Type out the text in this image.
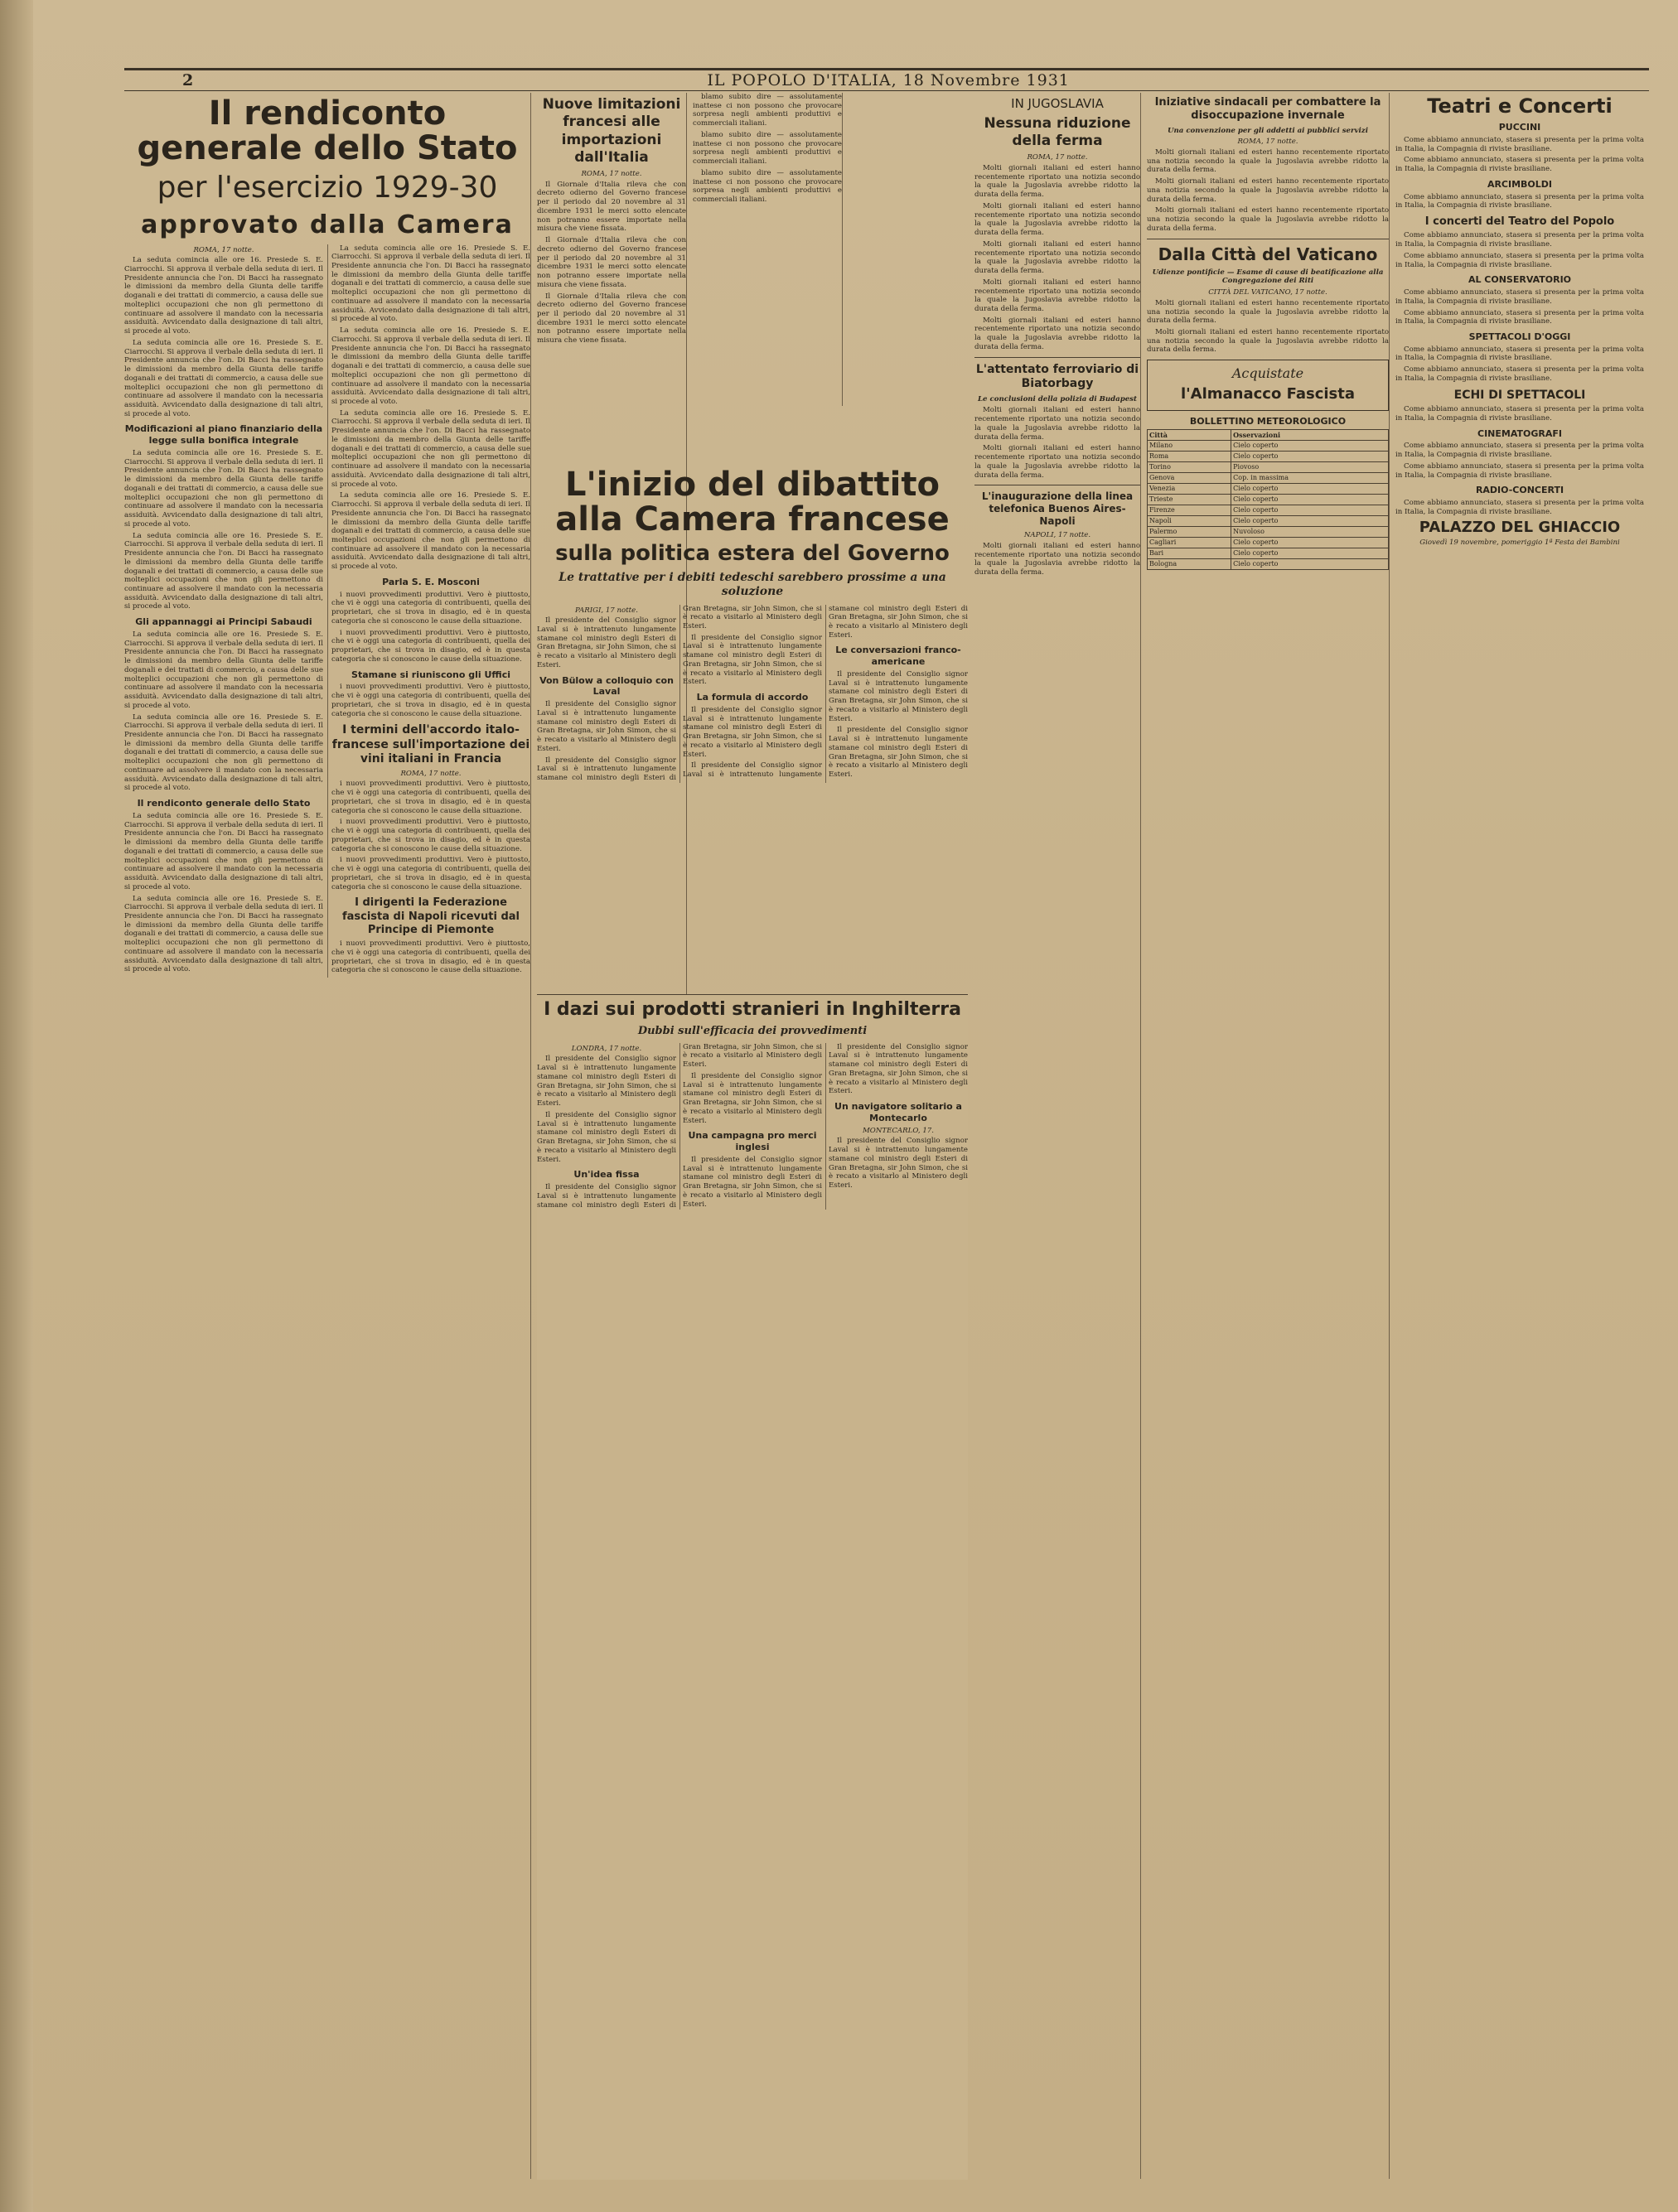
2	IL POPOLO D'ITALIA, 18 Novembre 1931
Il rendiconto generale dello Stato
per l'esercizio 1929-30
approvato dalla Camera
ROMA, 17 notte.

La seduta comincia alle ore 16. Presiede S. E. Ciarrocchi. Si approva il verbale della seduta di ieri. Il Presidente annuncia che l'on. Di Bacci ha rassegnato le dimissioni da membro della Giunta delle tariffe doganali e dei trattati di commercio, a causa delle sue molteplici occupazioni che non gli permettono di continuare ad assolvere il mandato con la necessaria assiduità. Avvicendato dalla designazione di tali altri, si procede al voto.

La seduta comincia alle ore 16. Presiede S. E. Ciarrocchi. Si approva il verbale della seduta di ieri. Il Presidente annuncia che l'on. Di Bacci ha rassegnato le dimissioni da membro della Giunta delle tariffe doganali e dei trattati di commercio, a causa delle sue molteplici occupazioni che non gli permettono di continuare ad assolvere il mandato con la necessaria assiduità. Avvicendato dalla designazione di tali altri, si procede al voto.

Modificazioni al piano finanziario della legge sulla bonifica integrale

La seduta comincia alle ore 16. Presiede S. E. Ciarrocchi. Si approva il verbale della seduta di ieri. Il Presidente annuncia che l'on. Di Bacci ha rassegnato le dimissioni da membro della Giunta delle tariffe doganali e dei trattati di commercio, a causa delle sue molteplici occupazioni che non gli permettono di continuare ad assolvere il mandato con la necessaria assiduità. Avvicendato dalla designazione di tali altri, si procede al voto.

La seduta comincia alle ore 16. Presiede S. E. Ciarrocchi. Si approva il verbale della seduta di ieri. Il Presidente annuncia che l'on. Di Bacci ha rassegnato le dimissioni da membro della Giunta delle tariffe doganali e dei trattati di commercio, a causa delle sue molteplici occupazioni che non gli permettono di continuare ad assolvere il mandato con la necessaria assiduità. Avvicendato dalla designazione di tali altri, si procede al voto.

Gli appannaggi ai Principi Sabaudi

La seduta comincia alle ore 16. Presiede S. E. Ciarrocchi. Si approva il verbale della seduta di ieri. Il Presidente annuncia che l'on. Di Bacci ha rassegnato le dimissioni da membro della Giunta delle tariffe doganali e dei trattati di commercio, a causa delle sue molteplici occupazioni che non gli permettono di continuare ad assolvere il mandato con la necessaria assiduità. Avvicendato dalla designazione di tali altri, si procede al voto.

La seduta comincia alle ore 16. Presiede S. E. Ciarrocchi. Si approva il verbale della seduta di ieri. Il Presidente annuncia che l'on. Di Bacci ha rassegnato le dimissioni da membro della Giunta delle tariffe doganali e dei trattati di commercio, a causa delle sue molteplici occupazioni che non gli permettono di continuare ad assolvere il mandato con la necessaria assiduità. Avvicendato dalla designazione di tali altri, si procede al voto.

Il rendiconto generale dello Stato

La seduta comincia alle ore 16. Presiede S. E. Ciarrocchi. Si approva il verbale della seduta di ieri. Il Presidente annuncia che l'on. Di Bacci ha rassegnato le dimissioni da membro della Giunta delle tariffe doganali e dei trattati di commercio, a causa delle sue molteplici occupazioni che non gli permettono di continuare ad assolvere il mandato con la necessaria assiduità. Avvicendato dalla designazione di tali altri, si procede al voto.

La seduta comincia alle ore 16. Presiede S. E. Ciarrocchi. Si approva il verbale della seduta di ieri. Il Presidente annuncia che l'on. Di Bacci ha rassegnato le dimissioni da membro della Giunta delle tariffe doganali e dei trattati di commercio, a causa delle sue molteplici occupazioni che non gli permettono di continuare ad assolvere il mandato con la necessaria assiduità. Avvicendato dalla designazione di tali altri, si procede al voto.

La seduta comincia alle ore 16. Presiede S. E. Ciarrocchi. Si approva il verbale della seduta di ieri. Il Presidente annuncia che l'on. Di Bacci ha rassegnato le dimissioni da membro della Giunta delle tariffe doganali e dei trattati di commercio, a causa delle sue molteplici occupazioni che non gli permettono di continuare ad assolvere il mandato con la necessaria assiduità. Avvicendato dalla designazione di tali altri, si procede al voto.

La seduta comincia alle ore 16. Presiede S. E. Ciarrocchi. Si approva il verbale della seduta di ieri. Il Presidente annuncia che l'on. Di Bacci ha rassegnato le dimissioni da membro della Giunta delle tariffe doganali e dei trattati di commercio, a causa delle sue molteplici occupazioni che non gli permettono di continuare ad assolvere il mandato con la necessaria assiduità. Avvicendato dalla designazione di tali altri, si procede al voto.

La seduta comincia alle ore 16. Presiede S. E. Ciarrocchi. Si approva il verbale della seduta di ieri. Il Presidente annuncia che l'on. Di Bacci ha rassegnato le dimissioni da membro della Giunta delle tariffe doganali e dei trattati di commercio, a causa delle sue molteplici occupazioni che non gli permettono di continuare ad assolvere il mandato con la necessaria assiduità. Avvicendato dalla designazione di tali altri, si procede al voto.

La seduta comincia alle ore 16. Presiede S. E. Ciarrocchi. Si approva il verbale della seduta di ieri. Il Presidente annuncia che l'on. Di Bacci ha rassegnato le dimissioni da membro della Giunta delle tariffe doganali e dei trattati di commercio, a causa delle sue molteplici occupazioni che non gli permettono di continuare ad assolvere il mandato con la necessaria assiduità. Avvicendato dalla designazione di tali altri, si procede al voto.

Parla S. E. Mosconi

i nuovi provvedimenti produttivi. Vero è piuttosto, che vi è oggi una categoria di contribuenti, quella dei proprietari, che si trova in disagio, ed è in questa categoria che si conoscono le cause della situazione.

i nuovi provvedimenti produttivi. Vero è piuttosto, che vi è oggi una categoria di contribuenti, quella dei proprietari, che si trova in disagio, ed è in questa categoria che si conoscono le cause della situazione.

Stamane si riuniscono gli Uffici

i nuovi provvedimenti produttivi. Vero è piuttosto, che vi è oggi una categoria di contribuenti, quella dei proprietari, che si trova in disagio, ed è in questa categoria che si conoscono le cause della situazione.

I termini dell'accordo italo-francese sull'importazione dei vini italiani in Francia
ROMA, 17 notte.

i nuovi provvedimenti produttivi. Vero è piuttosto, che vi è oggi una categoria di contribuenti, quella dei proprietari, che si trova in disagio, ed è in questa categoria che si conoscono le cause della situazione.

i nuovi provvedimenti produttivi. Vero è piuttosto, che vi è oggi una categoria di contribuenti, quella dei proprietari, che si trova in disagio, ed è in questa categoria che si conoscono le cause della situazione.

i nuovi provvedimenti produttivi. Vero è piuttosto, che vi è oggi una categoria di contribuenti, quella dei proprietari, che si trova in disagio, ed è in questa categoria che si conoscono le cause della situazione.

I dirigenti la Federazione fascista di Napoli ricevuti dal Principe di Piemonte

i nuovi provvedimenti produttivi. Vero è piuttosto, che vi è oggi una categoria di contribuenti, quella dei proprietari, che si trova in disagio, ed è in questa categoria che si conoscono le cause della situazione.

Nuove limitazioni francesi alle importazioni dall'Italia
ROMA, 17 notte.

Il Giornale d'Italia rileva che con decreto odierno del Governo francese per il periodo dal 20 novembre al 31 dicembre 1931 le merci sotto elencate non potranno essere importate nella misura che viene fissata.

Il Giornale d'Italia rileva che con decreto odierno del Governo francese per il periodo dal 20 novembre al 31 dicembre 1931 le merci sotto elencate non potranno essere importate nella misura che viene fissata.

Il Giornale d'Italia rileva che con decreto odierno del Governo francese per il periodo dal 20 novembre al 31 dicembre 1931 le merci sotto elencate non potranno essere importate nella misura che viene fissata.

blamo subito dire — assolutamente inattese ci non possono che provocare sorpresa negli ambienti produttivi e commerciali italiani.

blamo subito dire — assolutamente inattese ci non possono che provocare sorpresa negli ambienti produttivi e commerciali italiani.

blamo subito dire — assolutamente inattese ci non possono che provocare sorpresa negli ambienti produttivi e commerciali italiani.

L'inizio del dibattito alla Camera francese
sulla politica estera del Governo
Le trattative per i debiti tedeschi sarebbero prossime a una soluzione
PARIGI, 17 notte.

Il presidente del Consiglio signor Laval si è intrattenuto lungamente stamane col ministro degli Esteri di Gran Bretagna, sir John Simon, che si è recato a visitarlo al Ministero degli Esteri.

Von Bülow a colloquio con Laval

Il presidente del Consiglio signor Laval si è intrattenuto lungamente stamane col ministro degli Esteri di Gran Bretagna, sir John Simon, che si è recato a visitarlo al Ministero degli Esteri.

Il presidente del Consiglio signor Laval si è intrattenuto lungamente stamane col ministro degli Esteri di Gran Bretagna, sir John Simon, che si è recato a visitarlo al Ministero degli Esteri.

Il presidente del Consiglio signor Laval si è intrattenuto lungamente stamane col ministro degli Esteri di Gran Bretagna, sir John Simon, che si è recato a visitarlo al Ministero degli Esteri.

La formula di accordo

Il presidente del Consiglio signor Laval si è intrattenuto lungamente stamane col ministro degli Esteri di Gran Bretagna, sir John Simon, che si è recato a visitarlo al Ministero degli Esteri.

Il presidente del Consiglio signor Laval si è intrattenuto lungamente stamane col ministro degli Esteri di Gran Bretagna, sir John Simon, che si è recato a visitarlo al Ministero degli Esteri.

Le conversazioni franco-americane

Il presidente del Consiglio signor Laval si è intrattenuto lungamente stamane col ministro degli Esteri di Gran Bretagna, sir John Simon, che si è recato a visitarlo al Ministero degli Esteri.

Il presidente del Consiglio signor Laval si è intrattenuto lungamente stamane col ministro degli Esteri di Gran Bretagna, sir John Simon, che si è recato a visitarlo al Ministero degli Esteri.

I dazi sui prodotti stranieri in Inghilterra
Dubbi sull'efficacia dei provvedimenti
LONDRA, 17 notte.

Il presidente del Consiglio signor Laval si è intrattenuto lungamente stamane col ministro degli Esteri di Gran Bretagna, sir John Simon, che si è recato a visitarlo al Ministero degli Esteri.

Il presidente del Consiglio signor Laval si è intrattenuto lungamente stamane col ministro degli Esteri di Gran Bretagna, sir John Simon, che si è recato a visitarlo al Ministero degli Esteri.

Un'idea fissa

Il presidente del Consiglio signor Laval si è intrattenuto lungamente stamane col ministro degli Esteri di Gran Bretagna, sir John Simon, che si è recato a visitarlo al Ministero degli Esteri.

Il presidente del Consiglio signor Laval si è intrattenuto lungamente stamane col ministro degli Esteri di Gran Bretagna, sir John Simon, che si è recato a visitarlo al Ministero degli Esteri.

Una campagna pro merci inglesi

Il presidente del Consiglio signor Laval si è intrattenuto lungamente stamane col ministro degli Esteri di Gran Bretagna, sir John Simon, che si è recato a visitarlo al Ministero degli Esteri.

Il presidente del Consiglio signor Laval si è intrattenuto lungamente stamane col ministro degli Esteri di Gran Bretagna, sir John Simon, che si è recato a visitarlo al Ministero degli Esteri.

Un navigatore solitario a Montecarlo
MONTECARLO, 17.

Il presidente del Consiglio signor Laval si è intrattenuto lungamente stamane col ministro degli Esteri di Gran Bretagna, sir John Simon, che si è recato a visitarlo al Ministero degli Esteri.

IN JUGOSLAVIA
Nessuna riduzione della ferma
ROMA, 17 notte.

Molti giornali italiani ed esteri hanno recentemente riportato una notizia secondo la quale la Jugoslavia avrebbe ridotto la durata della ferma.

Molti giornali italiani ed esteri hanno recentemente riportato una notizia secondo la quale la Jugoslavia avrebbe ridotto la durata della ferma.

Molti giornali italiani ed esteri hanno recentemente riportato una notizia secondo la quale la Jugoslavia avrebbe ridotto la durata della ferma.

Molti giornali italiani ed esteri hanno recentemente riportato una notizia secondo la quale la Jugoslavia avrebbe ridotto la durata della ferma.

Molti giornali italiani ed esteri hanno recentemente riportato una notizia secondo la quale la Jugoslavia avrebbe ridotto la durata della ferma.

L'attentato ferroviario di Biatorbagy
Le conclusioni della polizia di Budapest

Molti giornali italiani ed esteri hanno recentemente riportato una notizia secondo la quale la Jugoslavia avrebbe ridotto la durata della ferma.

Molti giornali italiani ed esteri hanno recentemente riportato una notizia secondo la quale la Jugoslavia avrebbe ridotto la durata della ferma.

L'inaugurazione della linea telefonica Buenos Aires-Napoli
NAPOLI, 17 notte.

Molti giornali italiani ed esteri hanno recentemente riportato una notizia secondo la quale la Jugoslavia avrebbe ridotto la durata della ferma.

Iniziative sindacali per combattere la disoccupazione invernale
Una convenzione per gli addetti ai pubblici servizi
ROMA, 17 notte.

Molti giornali italiani ed esteri hanno recentemente riportato una notizia secondo la quale la Jugoslavia avrebbe ridotto la durata della ferma.

Molti giornali italiani ed esteri hanno recentemente riportato una notizia secondo la quale la Jugoslavia avrebbe ridotto la durata della ferma.

Molti giornali italiani ed esteri hanno recentemente riportato una notizia secondo la quale la Jugoslavia avrebbe ridotto la durata della ferma.

Dalla Città del Vaticano
Udienze pontificie — Esame di cause di beatificazione alla Congregazione dei Riti
CITTÀ DEL VATICANO, 17 notte.

Molti giornali italiani ed esteri hanno recentemente riportato una notizia secondo la quale la Jugoslavia avrebbe ridotto la durata della ferma.

Molti giornali italiani ed esteri hanno recentemente riportato una notizia secondo la quale la Jugoslavia avrebbe ridotto la durata della ferma.

Acquistate
l'Almanacco Fascista
BOLLETTINO METEOROLOGICO
Città	Osservazioni
Milano	Cielo coperto
Roma	Cielo coperto
Torino	Piovoso
Genova	Cop. in massima
Venezia	Cielo coperto
Trieste	Cielo coperto
Firenze	Cielo coperto
Napoli	Cielo coperto
Palermo	Nuvoloso
Cagliari	Cielo coperto
Bari	Cielo coperto
Bologna	Cielo coperto
Teatri e Concerti
PUCCINI

Come abbiamo annunciato, stasera si presenta per la prima volta in Italia, la Compagnia di riviste brasiliane.

Come abbiamo annunciato, stasera si presenta per la prima volta in Italia, la Compagnia di riviste brasiliane.

ARCIMBOLDI

Come abbiamo annunciato, stasera si presenta per la prima volta in Italia, la Compagnia di riviste brasiliane.

I concerti del Teatro del Popolo

Come abbiamo annunciato, stasera si presenta per la prima volta in Italia, la Compagnia di riviste brasiliane.

Come abbiamo annunciato, stasera si presenta per la prima volta in Italia, la Compagnia di riviste brasiliane.

AL CONSERVATORIO

Come abbiamo annunciato, stasera si presenta per la prima volta in Italia, la Compagnia di riviste brasiliane.

Come abbiamo annunciato, stasera si presenta per la prima volta in Italia, la Compagnia di riviste brasiliane.

SPETTACOLI D'OGGI

Come abbiamo annunciato, stasera si presenta per la prima volta in Italia, la Compagnia di riviste brasiliane.

Come abbiamo annunciato, stasera si presenta per la prima volta in Italia, la Compagnia di riviste brasiliane.

ECHI DI SPETTACOLI

Come abbiamo annunciato, stasera si presenta per la prima volta in Italia, la Compagnia di riviste brasiliane.

CINEMATOGRAFI

Come abbiamo annunciato, stasera si presenta per la prima volta in Italia, la Compagnia di riviste brasiliane.

Come abbiamo annunciato, stasera si presenta per la prima volta in Italia, la Compagnia di riviste brasiliane.

RADIO-CONCERTI

Come abbiamo annunciato, stasera si presenta per la prima volta in Italia, la Compagnia di riviste brasiliane.

PALAZZO DEL GHIACCIO
Giovedì 19 novembre, pomeriggio 1ª Festa dei Bambini
